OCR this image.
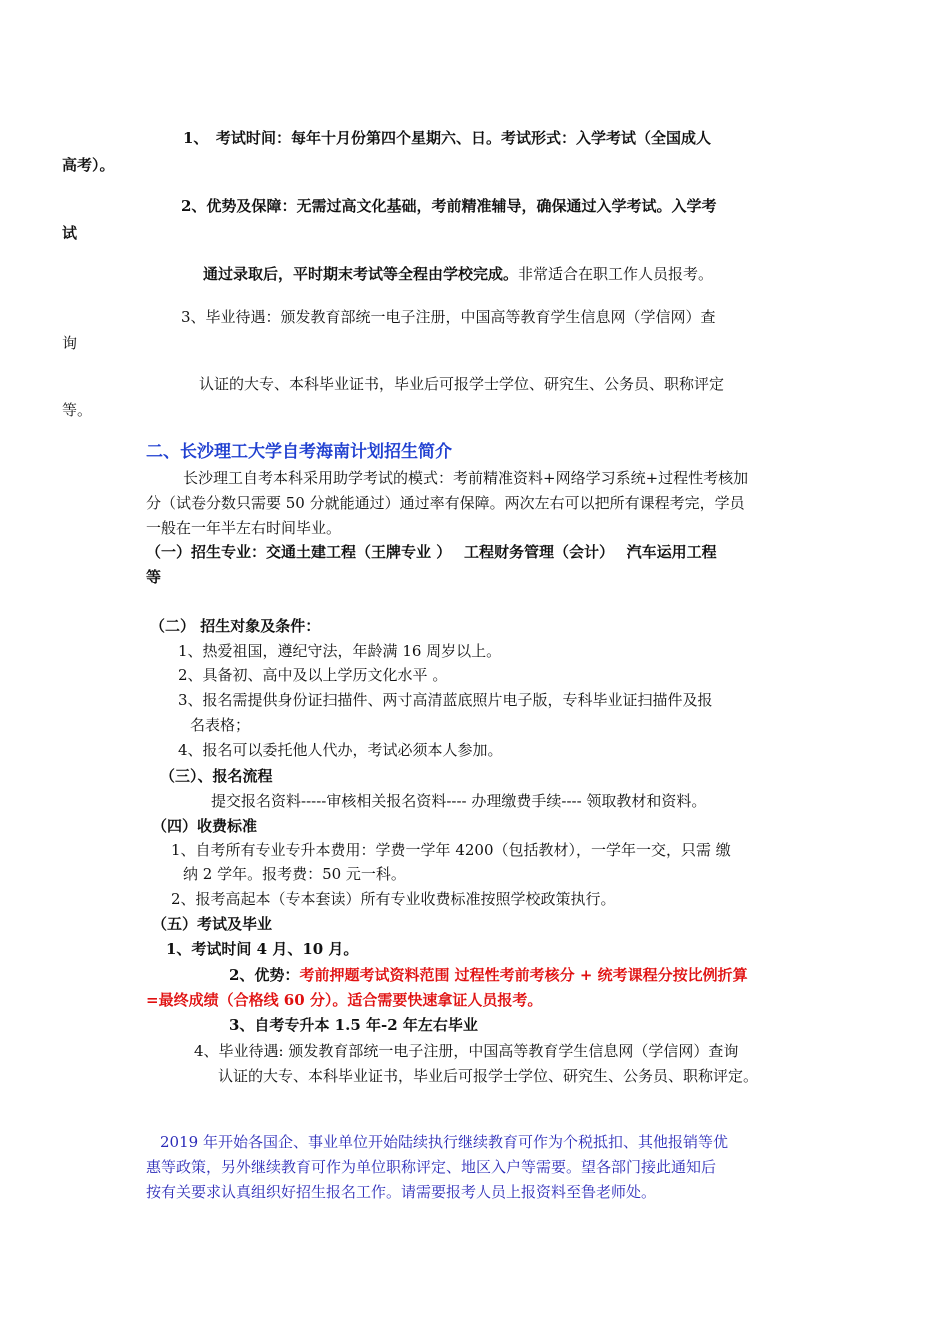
1、　考试时间：每年十月份第四个星期六、日。考试形式：入学考试（全国成人
高考）。
2、优势及保障：无需过高文化基础，考前精准辅导，确保通过入学考试。入学考
试
通过录取后，平时期末考试等全程由学校完成。非常适合在职工作人员报考。
3、毕业待遇：颁发教育部统一电子注册，中国高等教育学生信息网（学信网）查
询
认证的大专、本科毕业证书，毕业后可报学士学位、研究生、公务员、职称评定
等。
二、长沙理工大学自考海南计划招生简介
长沙理工自考本科采用助学考试的模式：考前精准资料+网络学习系统+过程性考核加
分（试卷分数只需要 50 分就能通过）通过率有保障。两次左右可以把所有课程考完，学员
一般在一年半左右时间毕业。
（一）招生专业：交通土建工程（王牌专业 ）　 工程财务管理（会计）　 汽车运用工程
等
（二） 招生对象及条件：
1、热爱祖国，遵纪守法，年龄满 16 周岁以上。
2、具备初、高中及以上学历文化水平 。
3、报名需提供身份证扫描件、两寸高清蓝底照片电子版，专科毕业证扫描件及报
名表格；
4、报名可以委托他人代办，考试必须本人参加。
（三）、报名流程
提交报名资料-----审核相关报名资料---- 办理缴费手续---- 领取教材和资料。
（四）收费标准
1、自考所有专业专升本费用：学费一学年 4200（包括教材），一学年一交，只需 缴
纳 2 学年。报考费：50 元一科。
2、报考高起本（专本套读）所有专业收费标准按照学校政策执行。
（五）考试及毕业
1、考试时间 4 月、10 月。
2、优势：考前押题考试资料范围 过程性考前考核分 + 统考课程分按比例折算
=最终成绩（合格线 60 分）。适合需要快速拿证人员报考。
3、自考专升本 1.5 年-2 年左右毕业
4、毕业待遇: 颁发教育部统一电子注册，中国高等教育学生信息网（学信网）查询
认证的大专、本科毕业证书，毕业后可报学士学位、研究生、公务员、职称评定。
2019 年开始各国企、事业单位开始陆续执行继续教育可作为个税抵扣、其他报销等优
惠等政策，另外继续教育可作为单位职称评定、地区入户等需要。望各部门接此通知后
按有关要求认真组织好招生报名工作。请需要报考人员上报资料至鲁老师处。
